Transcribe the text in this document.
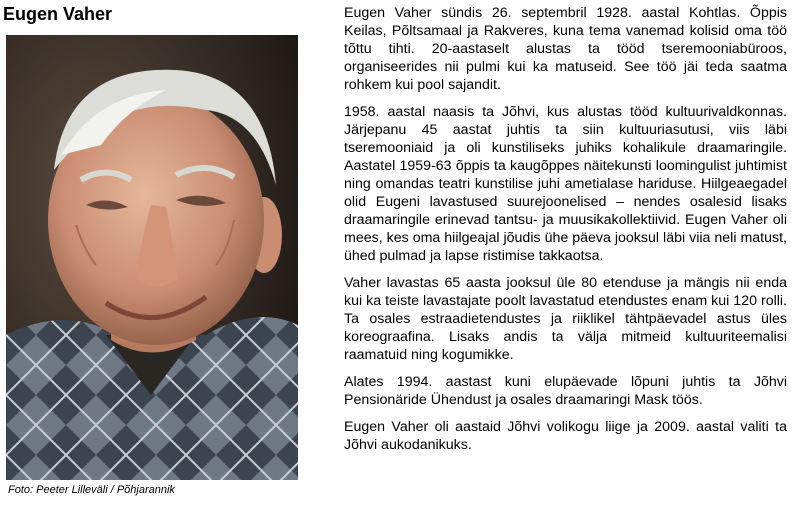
Eugen Vaher
Foto: Peeter Lilleväli / Põhjarannik

Eugen Vaher sündis 26. septembril 1928. aastal Kohtlas. Õppis Keilas, Põltsamaal ja Rakveres, kuna tema vanemad kolisid oma töö tõttu tihti. 20-aastaselt alustas ta tööd tseremooniabüroos, organiseerides nii pulmi kui ka matuseid. See töö jäi teda saatma rohkem kui pool sajandit.

1958. aastal naasis ta Jõhvi, kus alustas tööd kultuurivaldkonnas. Järjepanu 45 aastat juhtis ta siin kultuuriasutusi, viis läbi tseremooniaid ja oli kunstiliseks juhiks kohalikule draamaringile. Aastatel 1959-63 õppis ta kaugõppes näitekunsti loomingulist juhtimist ning omandas teatri kunstilise juhi ametialase hariduse. Hiilgeaegadel olid Eugeni lavastused suurejoonelised – nendes osalesid lisaks draamaringile erinevad tantsu- ja muusikakollektiivid. Eugen Vaher oli mees, kes oma hiilgeajal jõudis ühe päeva jooksul läbi viia neli matust, ühed pulmad ja lapse ristimise takkaotsa.

Vaher lavastas 65 aasta jooksul üle 80 etenduse ja mängis nii enda kui ka teiste lavastajate poolt lavastatud etendustes enam kui 120 rolli. Ta osales estraadietendustes ja riiklikel tähtpäevadel astus üles koreograafina. Lisaks andis ta välja mitmeid kultuuriteemalisi raamatuid ning kogumikke.

Alates 1994. aastast kuni elupäevade lõpuni juhtis ta Jõhvi Pensionäride Ühendust ja osales draamaringi Mask töös.

Eugen Vaher oli aastaid Jõhvi volikogu liige ja 2009. aastal valiti ta Jõhvi aukodanikuks.
